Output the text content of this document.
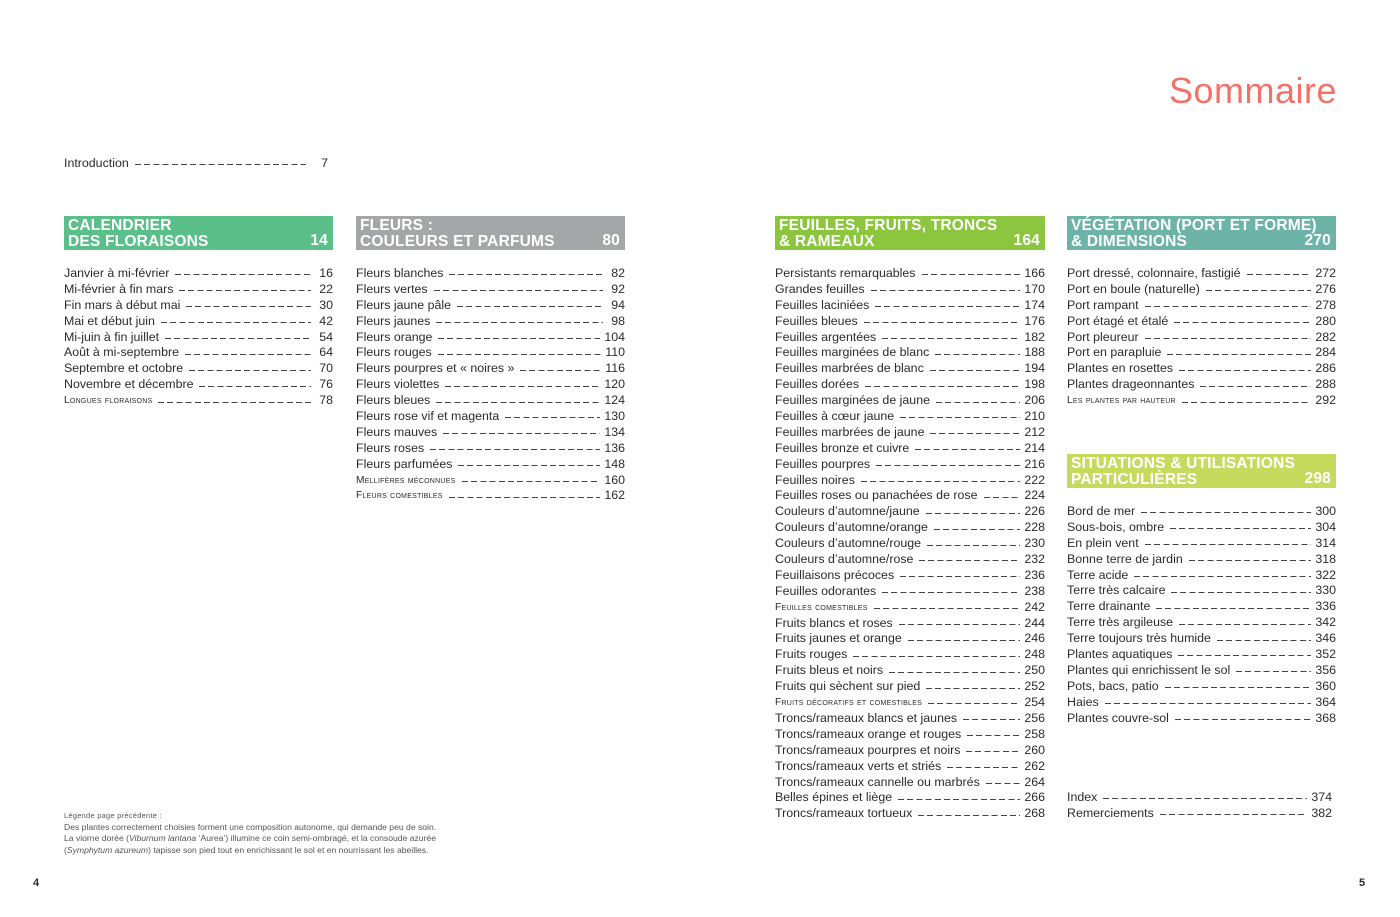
Sommaire
Introduction	7
CALENDRIER
DES FLORAISONS	14
Janvier à mi-février	16
Mi-février à fin mars	22
Fin mars à début mai	30
Mai et début juin	42
Mi-juin à fin juillet	54
Août à mi-septembre	64
Septembre et octobre	70
Novembre et décembre	76
Longues floraisons	78
FLEURS :
COULEURS ET PARFUMS	80
Fleurs blanches	82
Fleurs vertes	92
Fleurs jaune pâle	94
Fleurs jaunes	98
Fleurs orange	104
Fleurs rouges	110
Fleurs pourpres et « noires »	116
Fleurs violettes	120
Fleurs bleues	124
Fleurs rose vif et magenta	130
Fleurs mauves	134
Fleurs roses	136
Fleurs parfumées	148
Mellifères méconnues	160
Fleurs comestibles	162
FEUILLES, FRUITS, TRONCS
& RAMEAUX	164
Persistants remarquables	166
Grandes feuilles	170
Feuilles laciniées	174
Feuilles bleues	176
Feuilles argentées	182
Feuilles marginées de blanc	188
Feuilles marbrées de blanc	194
Feuilles dorées	198
Feuilles marginées de jaune	206
Feuilles à cœur jaune	210
Feuilles marbrées de jaune	212
Feuilles bronze et cuivre	214
Feuilles pourpres	216
Feuilles noires	222
Feuilles roses ou panachées de rose	224
Couleurs d’automne/jaune	226
Couleurs d’automne/orange	228
Couleurs d’automne/rouge	230
Couleurs d’automne/rose	232
Feuillaisons précoces	236
Feuilles odorantes	238
Feuilles comestibles	242
Fruits blancs et roses	244
Fruits jaunes et orange	246
Fruits rouges	248
Fruits bleus et noirs	250
Fruits qui sèchent sur pied	252
Fruits décoratifs et comestibles	254
Troncs/rameaux blancs et jaunes	256
Troncs/rameaux orange et rouges	258
Troncs/rameaux pourpres et noirs	260
Troncs/rameaux verts et striés	262
Troncs/rameaux cannelle ou marbrés	264
Belles épines et liège	266
Troncs/rameaux tortueux	268
VÉGÉTATION (PORT ET FORME)
& DIMENSIONS	270
Port dressé, colonnaire, fastigié	272
Port en boule (naturelle)	276
Port rampant	278
Port étagé et étalé	280
Port pleureur	282
Port en parapluie	284
Plantes en rosettes	286
Plantes drageonnantes	288
Les plantes par hauteur	292
SITUATIONS & UTILISATIONS
PARTICULIÈRES	298
Bord de mer	300
Sous-bois, ombre	304
En plein vent	314
Bonne terre de jardin	318
Terre acide	322
Terre très calcaire	330
Terre drainante	336
Terre très argileuse	342
Terre toujours très humide	346
Plantes aquatiques	352
Plantes qui enrichissent le sol	356
Pots, bacs, patio	360
Haies	364
Plantes couvre-sol	368
Index	374
Remerciements	382
Légende page précédente :
Des plantes correctement choisies forment une composition autonome, qui demande peu de soin.
La viorne dorée (Viburnum lantana ‘Aurea’) illumine ce coin semi-ombragé, et la consoude azurée
(Symphytum azureum) tapisse son pied tout en enrichissant le sol et en nourrissant les abeilles.
4	5
